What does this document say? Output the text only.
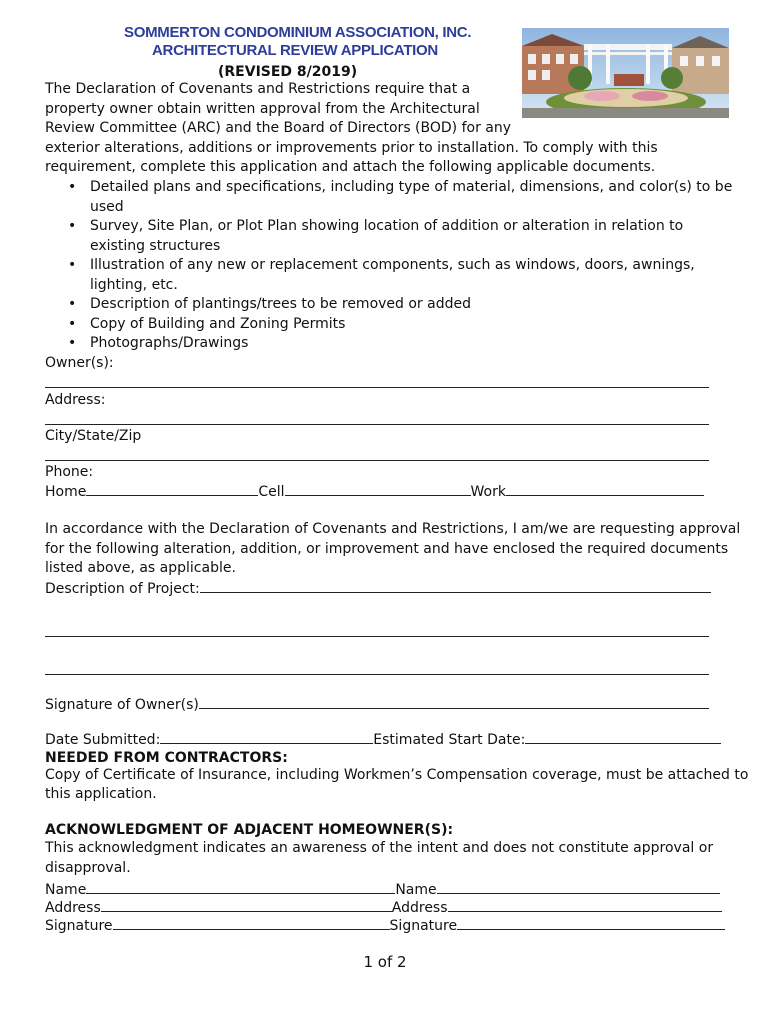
SOMMERTON CONDOMINIUM ASSOCIATION, INC.
ARCHITECTURAL REVIEW APPLICATION
(REVISED 8/2019)
The Declaration of Covenants and Restrictions require that a
property owner obtain written approval from the Architectural
Review Committee (ARC) and the Board of Directors (BOD) for any
exterior alterations, additions or improvements prior to installation. To comply with this
requirement, complete this application and attach the following applicable documents.
• Detailed plans and specifications, including type of material, dimensions, and color(s) to be
used
• Survey, Site Plan, or Plot Plan showing location of addition or alteration in relation to
existing structures
• Illustration of any new or replacement components, such as windows, doors, awnings,
lighting, etc.
• Description of plantings/trees to be removed or added
• Copy of Building and Zoning Permits
• Photographs/Drawings
Owner(s):
Address:
City/State/Zip
Phone:
Home	Cell	Work
In accordance with the Declaration of Covenants and Restrictions, I am/we are requesting approval
for the following alteration, addition, or improvement and have enclosed the required documents
listed above, as applicable.
Description of Project:
Signature of Owner(s)
Date Submitted:	Estimated Start Date:
NEEDED FROM CONTRACTORS:
Copy of Certificate of Insurance, including Workmen’s Compensation coverage, must be attached to
this application.
ACKNOWLEDGMENT OF ADJACENT HOMEOWNER(S):
This acknowledgment indicates an awareness of the intent and does not constitute approval or
disapproval.
Name	Name
Address	Address
Signature	Signature
1 of 2
